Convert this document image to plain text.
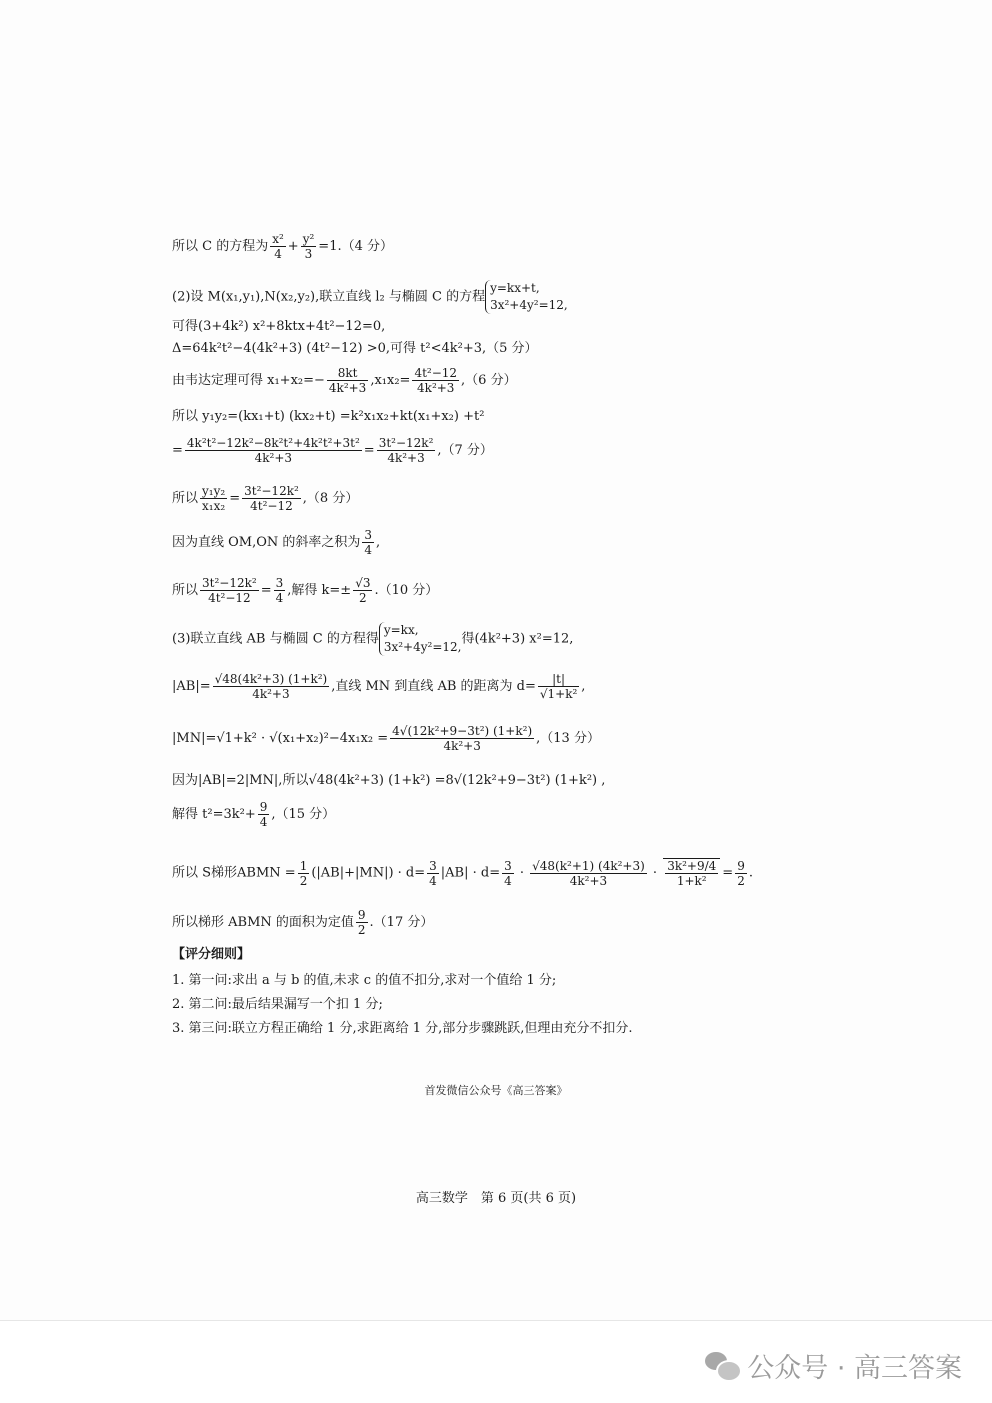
所以 C 的方程为 $\frac{\text{x²}}{4} + \frac{\text{y²}}{3} =1.(4$ 分）
(2)设 M(x₁,y₁),N(x₂,y₂),联立直线 l₂ 与椭圆 C 的方程
y=kx+t,
3x²+4y²=12,
可得(3+4k²) x²+8ktx+4t²−12=0,
Δ=64k²t²−4(4k²+3) (4t²−12) >0,可得 t²<4k²+3,（5 分）
由韦达定理可得 $x_1+x_2=- \frac{8kt}{\text{4k²+3}} ,x_1x_2= \frac{\text{4t²−12}}{\text{4k²+3}} ,(6$ 分）
所以 y₁y₂=(kx₁+t) (kx₂+t) =k²x₁x₂+kt(x₁+x₂) +t²
= $\frac{\text{4k²t²−12k²−8k²t²+4k²t²+3t²}}{\text{4k²+3}} = \frac{\text{3t²−12k²}}{\text{4k²+3}} ,(7$ 分）
所以 $\frac{\text{y₁y₂}}{\text{x₁x₂}} = \frac{\text{3t²−12k²}}{\text{4t²−12}} ,(8$ 分）
因为直线 OM,ON 的斜率之积为 $\frac{3}{4}$ ,
所以 $\frac{\text{3t²−12k²}}{\text{4t²−12}} = \frac{3}{4}$ ,解得 $k=\pm \frac{√3}{2} .(10$ 分）
(3)联立直线 AB 与椭圆 C 的方程得
y=kx,
3x²+4y²=12,
得(4k²+3) x²=12,
$|AB|= \frac{\text{√48(4k²+3) (1+k²)}}{\text{4k²+3}}$ ,直线 MN 到直线 AB 的距离为 $d= \frac{|t|}{\text{√1+k²}}$ ,
$|MN|=√1+k^2 \cdot √(x_1+x_2)^2-4x_1x_2 = \frac{\text{4√(12k²+9−3t²) (1+k²)}}{\text{4k²+3}} ,(13$ 分）
因为|AB|=2|MN|,所以√48(4k²+3) (1+k²) =8√(12k²+9−3t²) (1+k²) ,
解得 $t^2=3k^2+ \frac{9}{4} ,(15$ 分）
所以 S梯形ABMN = $\frac{1}{2} (|AB|+|MN|) \cdot d= \frac{3}{4} |AB| \cdot d= \frac{3}{4} \cdot \frac{\text{√48(k²+1) (4k²+3)}}{\text{4k²+3}} \cdot \frac{\text{3k²+9/4}}{\text{1+k²}} = \frac{9}{2}$ .
所以梯形 ABMN 的面积为定值 $\frac{9}{2} .(17$ 分）
【评分细则】
1. 第一问:求出 a 与 b 的值,未求 c 的值不扣分,求对一个值给 1 分;
2. 第二问:最后结果漏写一个扣 1 分;
3. 第三问:联立方程正确给 1 分,求距离给 1 分,部分步骤跳跃,但理由充分不扣分.
首发微信公众号《高三答案》
高三数学　第 6 页(共 6 页)
公众号 · 高三答案
